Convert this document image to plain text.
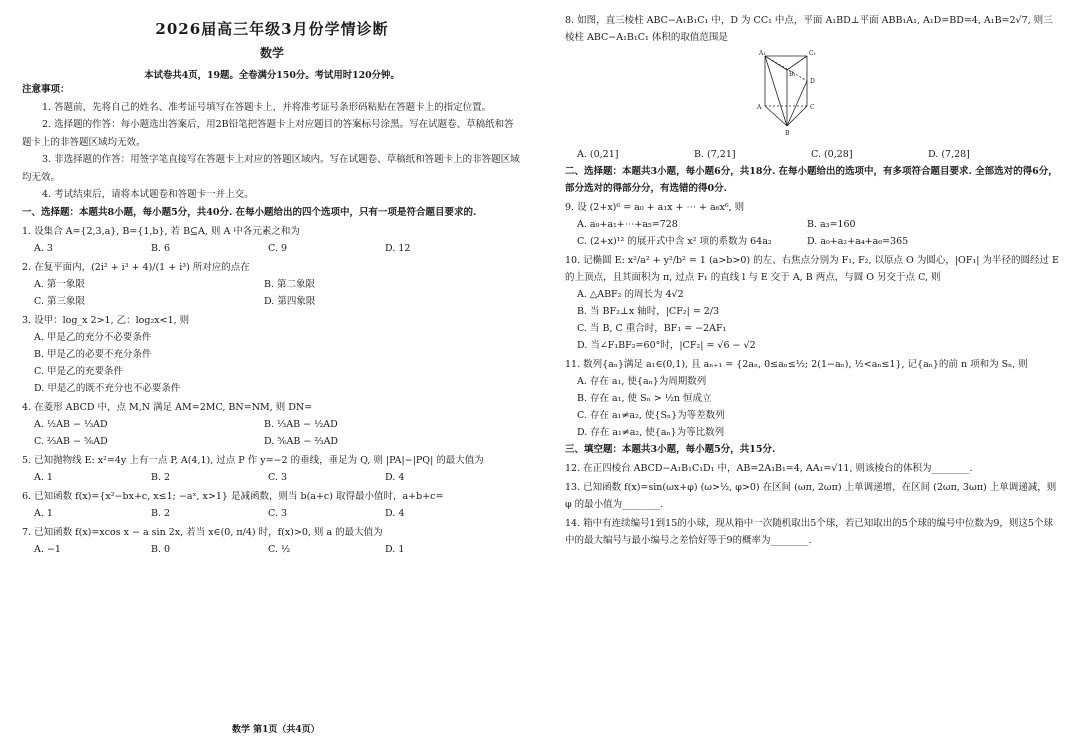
2026届高三年级3月份学情诊断
数学
本试卷共4页，19题。全卷满分150分。考试用时120分钟。
注意事项：
1. 答题前，先将自己的姓名、准考证号填写在答题卡上，并将准考证号条形码粘贴在答题卡上的指定位置。
2. 选择题的作答：每小题选出答案后，用2B铅笔把答题卡上对应题目的答案标号涂黑。写在试题卷、草稿纸和答题卡上的非答题区域均无效。
3. 非选择题的作答：用签字笔直接写在答题卡上对应的答题区域内。写在试题卷、草稿纸和答题卡上的非答题区域均无效。
4. 考试结束后，请将本试题卷和答题卡一并上交。
一、选择题：本题共8小题，每小题5分，共40分. 在每小题给出的四个选项中，只有一项是符合题目要求的.
1. 设集合 A={2,3,a}, B={1,b}, 若 B⊆A, 则 A 中各元素之和为
A. 3	B. 6	C. 9	D. 12
2. 在复平面内，(2i² + i³ + 4)/(1 + i³) 所对应的点在
A. 第一象限	B. 第二象限
C. 第三象限	D. 第四象限
3. 设甲：log_x 2>1, 乙：log₂x<1, 则
A. 甲是乙的充分不必要条件
B. 甲是乙的必要不充分条件
C. 甲是乙的充要条件
D. 甲是乙的既不充分也不必要条件
4. 在菱形 ABCD 中，点 M,N 满足 AM=2MC, BN=NM, 则 DN=
A. ½AB − ⅓AD	B. ⅓AB − ½AD
C. ⅔AB − ⅚AD	D. ⅚AB − ⅔AD
5. 已知抛物线 E: x²=4y 上有一点 P, A(4,1), 过点 P 作 y=−2 的垂线，垂足为 Q, 则 |PA|−|PQ| 的最大值为
A. 1	B. 2	C. 3	D. 4
6. 已知函数 f(x)={x²−bx+c, x≤1; −aˣ, x>1} 是减函数，则当 b(a+c) 取得最小值时，a+b+c=
A. 1	B. 2	C. 3	D. 4
7. 已知函数 f(x)=xcos x − a sin 2x, 若当 x∈(0, π/4) 时，f(x)>0, 则 a 的最大值为
A. −1	B. 0	C. ½	D. 1
8. 如图，直三棱柱 ABC−A₁B₁C₁ 中，D 为 CC₁ 中点，平面 A₁BD⊥平面 ABB₁A₁, A₁D=BD=4, A₁B=2√7, 则三棱柱 ABC−A₁B₁C₁ 体积的取值范围是
A₁	C₁
B₁
D
A	C
B
A. (0,21]	B. (7,21]	C. (0,28]	D. (7,28]
二、选择题：本题共3小题，每小题6分，共18分. 在每小题给出的选项中，有多项符合题目要求. 全部选对的得6分，部分选对的得部分分，有选错的得0分.
9. 设 (2+x)⁶ = a₀ + a₁x + ⋯ + a₆x⁶, 则
A. a₀+a₁+⋯+a₅=728	B. a₃=160
C. (2+x)¹² 的展开式中含 x² 项的系数为 64a₂	D. a₀+a₂+a₄+a₆=365
10. 记椭圆 E: x²/a² + y²/b² = 1 (a>b>0) 的左、右焦点分别为 F₁, F₂, 以原点 O 为圆心，|OF₁| 为半径的圆经过 E 的上顶点，且其面积为 π, 过点 F₁ 的直线 l 与 E 交于 A, B 两点，与圆 O 另交于点 C, 则
A. △ABF₂ 的周长为 4√2
B. 当 BF₂⊥x 轴时，|CF₂| = 2/3
C. 当 B, C 重合时，BF₁ = −2AF₁
D. 当∠F₁BF₂=60°时，|CF₂| = √6 − √2
11. 数列{aₙ}满足 a₁∈(0,1), 且 aₙ₊₁ = {2aₙ, 0≤aₙ≤½; 2(1−aₙ), ½<aₙ≤1}, 记{aₙ}的前 n 项和为 Sₙ, 则
A. 存在 a₁, 使{aₙ}为周期数列
B. 存在 a₁, 使 Sₙ > ½n 恒成立
C. 存在 a₁≠a₂, 使{Sₙ}为等差数列
D. 存在 a₁≠a₂, 使{aₙ}为等比数列
三、填空题：本题共3小题，每小题5分，共15分.
12. 在正四棱台 ABCD−A₁B₁C₁D₁ 中，AB=2A₁B₁=4, AA₁=√11, 则该棱台的体积为________.
13. 已知函数 f(x)=sin(ωx+φ) (ω>½, φ>0) 在区间 (ωπ, 2ωπ) 上单调递增，在区间 (2ωπ, 3ωπ) 上单调递减，则 φ 的最小值为________.
14. 箱中有连续编号1到15的小球，现从箱中一次随机取出5个球，若已知取出的5个球的编号中位数为9，则这5个球中的最大编号与最小编号之差恰好等于9的概率为________.
数学 第1页（共4页）
